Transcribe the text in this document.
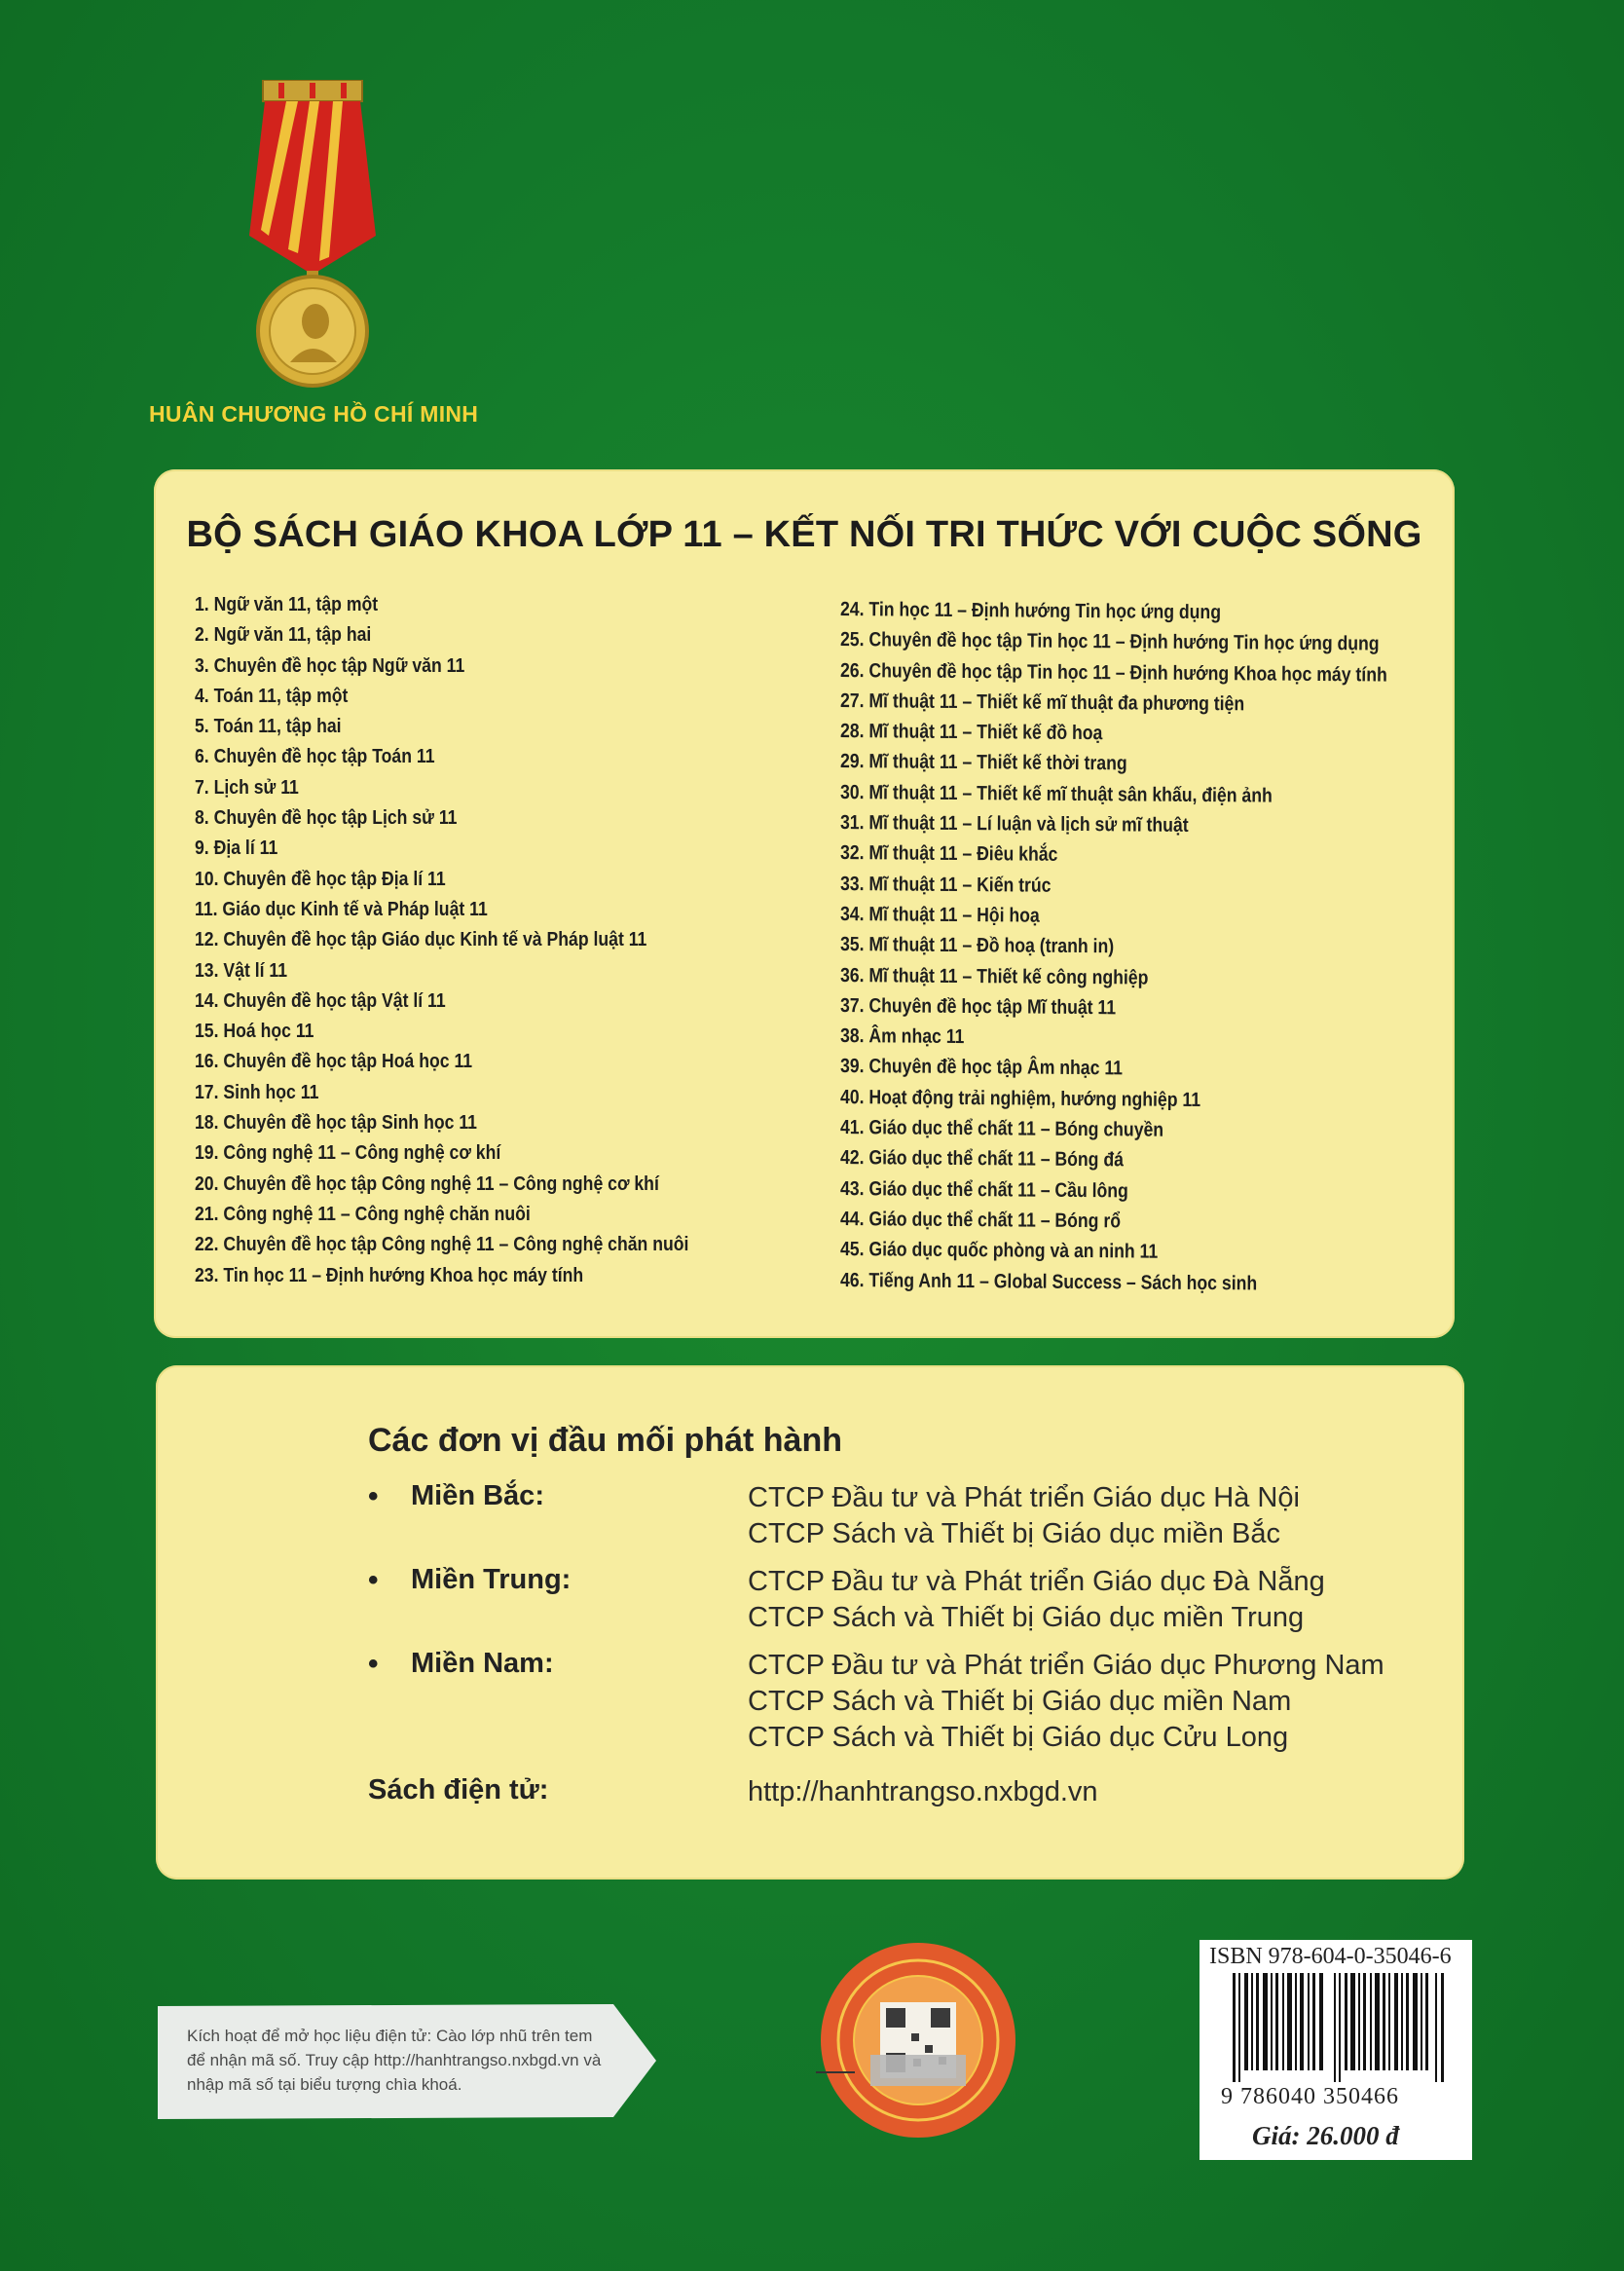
HUÂN CHƯƠNG HỒ CHÍ MINH
BỘ SÁCH GIÁO KHOA LỚP 11 – KẾT NỐI TRI THỨC VỚI CUỘC SỐNG
1. Ngữ văn 11, tập một
2. Ngữ văn 11, tập hai
3. Chuyên đề học tập Ngữ văn 11
4. Toán 11, tập một
5. Toán 11, tập hai
6. Chuyên đề học tập Toán 11
7. Lịch sử 11
8. Chuyên đề học tập Lịch sử 11
9. Địa lí 11
10. Chuyên đề học tập Địa lí 11
11. Giáo dục Kinh tế và Pháp luật 11
12. Chuyên đề học tập Giáo dục Kinh tế và Pháp luật 11
13. Vật lí 11
14. Chuyên đề học tập Vật lí 11
15. Hoá học 11
16. Chuyên đề học tập Hoá học 11
17. Sinh học 11
18. Chuyên đề học tập Sinh học 11
19. Công nghệ 11 – Công nghệ cơ khí
20. Chuyên đề học tập Công nghệ 11 – Công nghệ cơ khí
21. Công nghệ 11 – Công nghệ chăn nuôi
22. Chuyên đề học tập Công nghệ 11 – Công nghệ chăn nuôi
23. Tin học 11 – Định hướng Khoa học máy tính
24. Tin học 11 – Định hướng Tin học ứng dụng
25. Chuyên đề học tập Tin học 11 – Định hướng Tin học ứng dụng
26. Chuyên đề học tập Tin học 11 – Định hướng Khoa học máy tính
27. Mĩ thuật 11 – Thiết kế mĩ thuật đa phương tiện
28. Mĩ thuật 11 – Thiết kế đồ hoạ
29. Mĩ thuật 11 – Thiết kế thời trang
30. Mĩ thuật 11 – Thiết kế mĩ thuật sân khấu, điện ảnh
31. Mĩ thuật 11 – Lí luận và lịch sử mĩ thuật
32. Mĩ thuật 11 – Điêu khắc
33. Mĩ thuật 11 – Kiến trúc
34. Mĩ thuật 11 – Hội hoạ
35. Mĩ thuật 11 – Đồ hoạ (tranh in)
36. Mĩ thuật 11 – Thiết kế công nghiệp
37. Chuyên đề học tập Mĩ thuật 11
38. Âm nhạc 11
39. Chuyên đề học tập Âm nhạc 11
40. Hoạt động trải nghiệm, hướng nghiệp 11
41. Giáo dục thể chất 11 – Bóng chuyền
42. Giáo dục thể chất 11 – Bóng đá
43. Giáo dục thể chất 11 – Cầu lông
44. Giáo dục thể chất 11 – Bóng rổ
45. Giáo dục quốc phòng và an ninh 11
46. Tiếng Anh 11 – Global Success – Sách học sinh
Các đơn vị đầu mối phát hành
• Miền Bắc:	CTCP Đầu tư và Phát triển Giáo dục Hà Nội
CTCP Sách và Thiết bị Giáo dục miền Bắc
• Miền Trung:	CTCP Đầu tư và Phát triển Giáo dục Đà Nẵng
CTCP Sách và Thiết bị Giáo dục miền Trung
• Miền Nam:	CTCP Đầu tư và Phát triển Giáo dục Phương Nam
CTCP Sách và Thiết bị Giáo dục miền Nam
CTCP Sách và Thiết bị Giáo dục Cửu Long
Sách điện tử:	http://hanhtrangso.nxbgd.vn
Kích hoạt để mở học liệu điện tử: Cào lớp nhũ trên tem để nhận mã số. Truy cập http://hanhtrangso.nxbgd.vn và nhập mã số tại biểu tượng chìa khoá.
ISBN 978-604-0-35046-6
9 786040 350466
Giá: 26.000 đ
